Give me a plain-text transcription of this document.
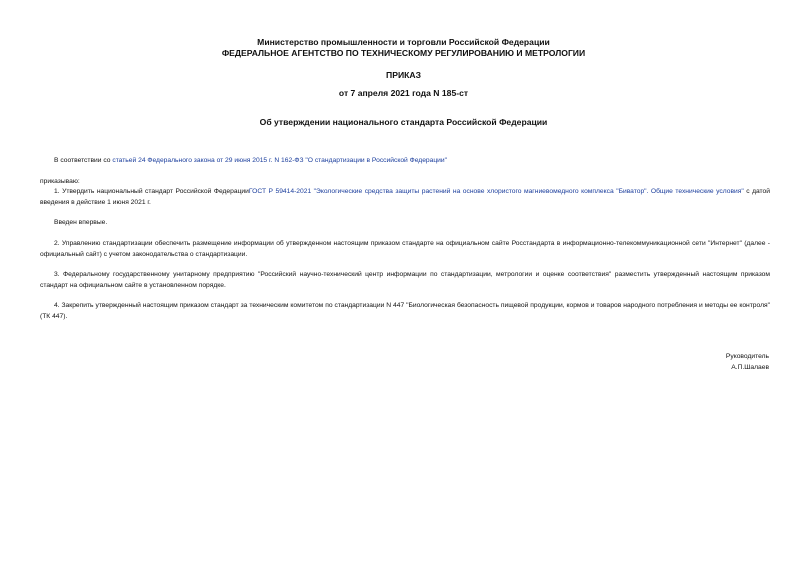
Министерство промышленности и торговли Российской Федерации
ФЕДЕРАЛЬНОЕ АГЕНТСТВО ПО ТЕХНИЧЕСКОМУ РЕГУЛИРОВАНИЮ И МЕТРОЛОГИИ
ПРИКАЗ
от 7 апреля 2021 года N 185-ст
Об утверждении национального стандарта Российской Федерации
В соответствии со статьей 24 Федерального закона от 29 июня 2015 г. N 162-ФЗ "О стандартизации в Российской Федерации"
приказываю:
1. Утвердить национальный стандарт Российской ФедерацииГОСТ Р 59414-2021 "Экологические средства защиты растений на основе хлористого магниевомедного комплекса "Биватор". Общие технические условия" с датой введения в действие 1 июня 2021 г.
Введен впервые.
2. Управлению стандартизации обеспечить размещение информации об утвержденном настоящим приказом стандарте на официальном сайте Росстандарта в информационно-телекоммуникационной сети "Интернет" (далее - официальный сайт) с учетом законодательства о стандартизации.
3. Федеральному государственному унитарному предприятию "Российский научно-технический центр информации по стандартизации, метрологии и оценке соответствия" разместить утвержденный настоящим приказом стандарт на официальном сайте в установленном порядке.
4. Закрепить утвержденный настоящим приказом стандарт за техническим комитетом по стандартизации N 447 "Биологическая безопасность пищевой продукции, кормов и товаров народного потребления и методы ее контроля" (ТК 447).
Руководитель
А.П.Шалаев
